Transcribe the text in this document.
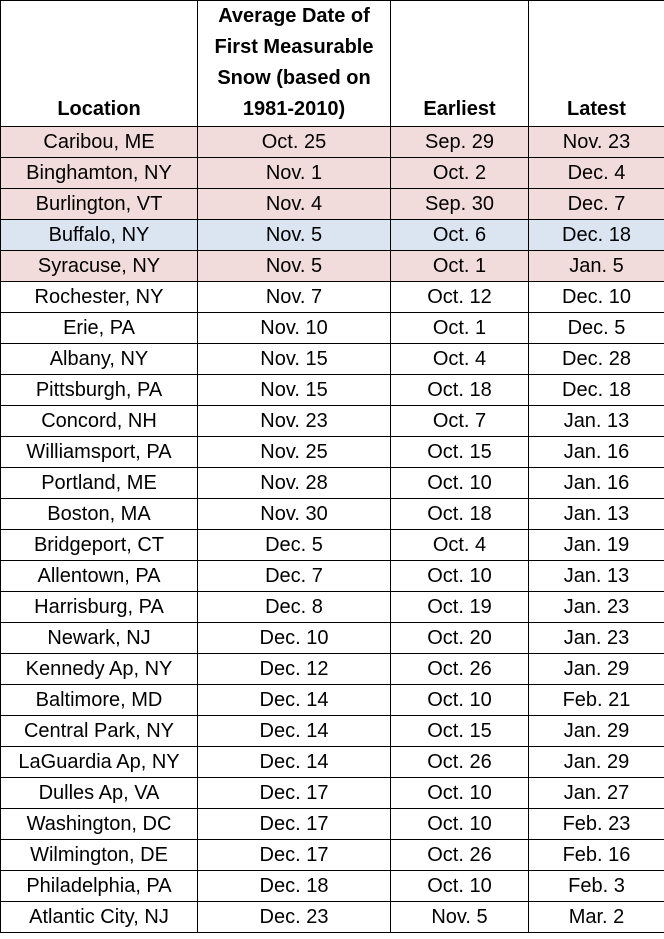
Location	Average Date of First Measurable Snow (based on 1981-2010)	Earliest	Latest
Caribou, ME	Oct. 25	Sep. 29	Nov. 23
Binghamton, NY	Nov. 1	Oct. 2	Dec. 4
Burlington, VT	Nov. 4	Sep. 30	Dec. 7
Buffalo, NY	Nov. 5	Oct. 6	Dec. 18
Syracuse, NY	Nov. 5	Oct. 1	Jan. 5
Rochester, NY	Nov. 7	Oct. 12	Dec. 10
Erie, PA	Nov. 10	Oct. 1	Dec. 5
Albany, NY	Nov. 15	Oct. 4	Dec. 28
Pittsburgh, PA	Nov. 15	Oct. 18	Dec. 18
Concord, NH	Nov. 23	Oct. 7	Jan. 13
Williamsport, PA	Nov. 25	Oct. 15	Jan. 16
Portland, ME	Nov. 28	Oct. 10	Jan. 16
Boston, MA	Nov. 30	Oct. 18	Jan. 13
Bridgeport, CT	Dec. 5	Oct. 4	Jan. 19
Allentown, PA	Dec. 7	Oct. 10	Jan. 13
Harrisburg, PA	Dec. 8	Oct. 19	Jan. 23
Newark, NJ	Dec. 10	Oct. 20	Jan. 23
Kennedy Ap, NY	Dec. 12	Oct. 26	Jan. 29
Baltimore, MD	Dec. 14	Oct. 10	Feb. 21
Central Park, NY	Dec. 14	Oct. 15	Jan. 29
LaGuardia Ap, NY	Dec. 14	Oct. 26	Jan. 29
Dulles Ap, VA	Dec. 17	Oct. 10	Jan. 27
Washington, DC	Dec. 17	Oct. 10	Feb. 23
Wilmington, DE	Dec. 17	Oct. 26	Feb. 16
Philadelphia, PA	Dec. 18	Oct. 10	Feb. 3
Atlantic City, NJ	Dec. 23	Nov. 5	Mar. 2
